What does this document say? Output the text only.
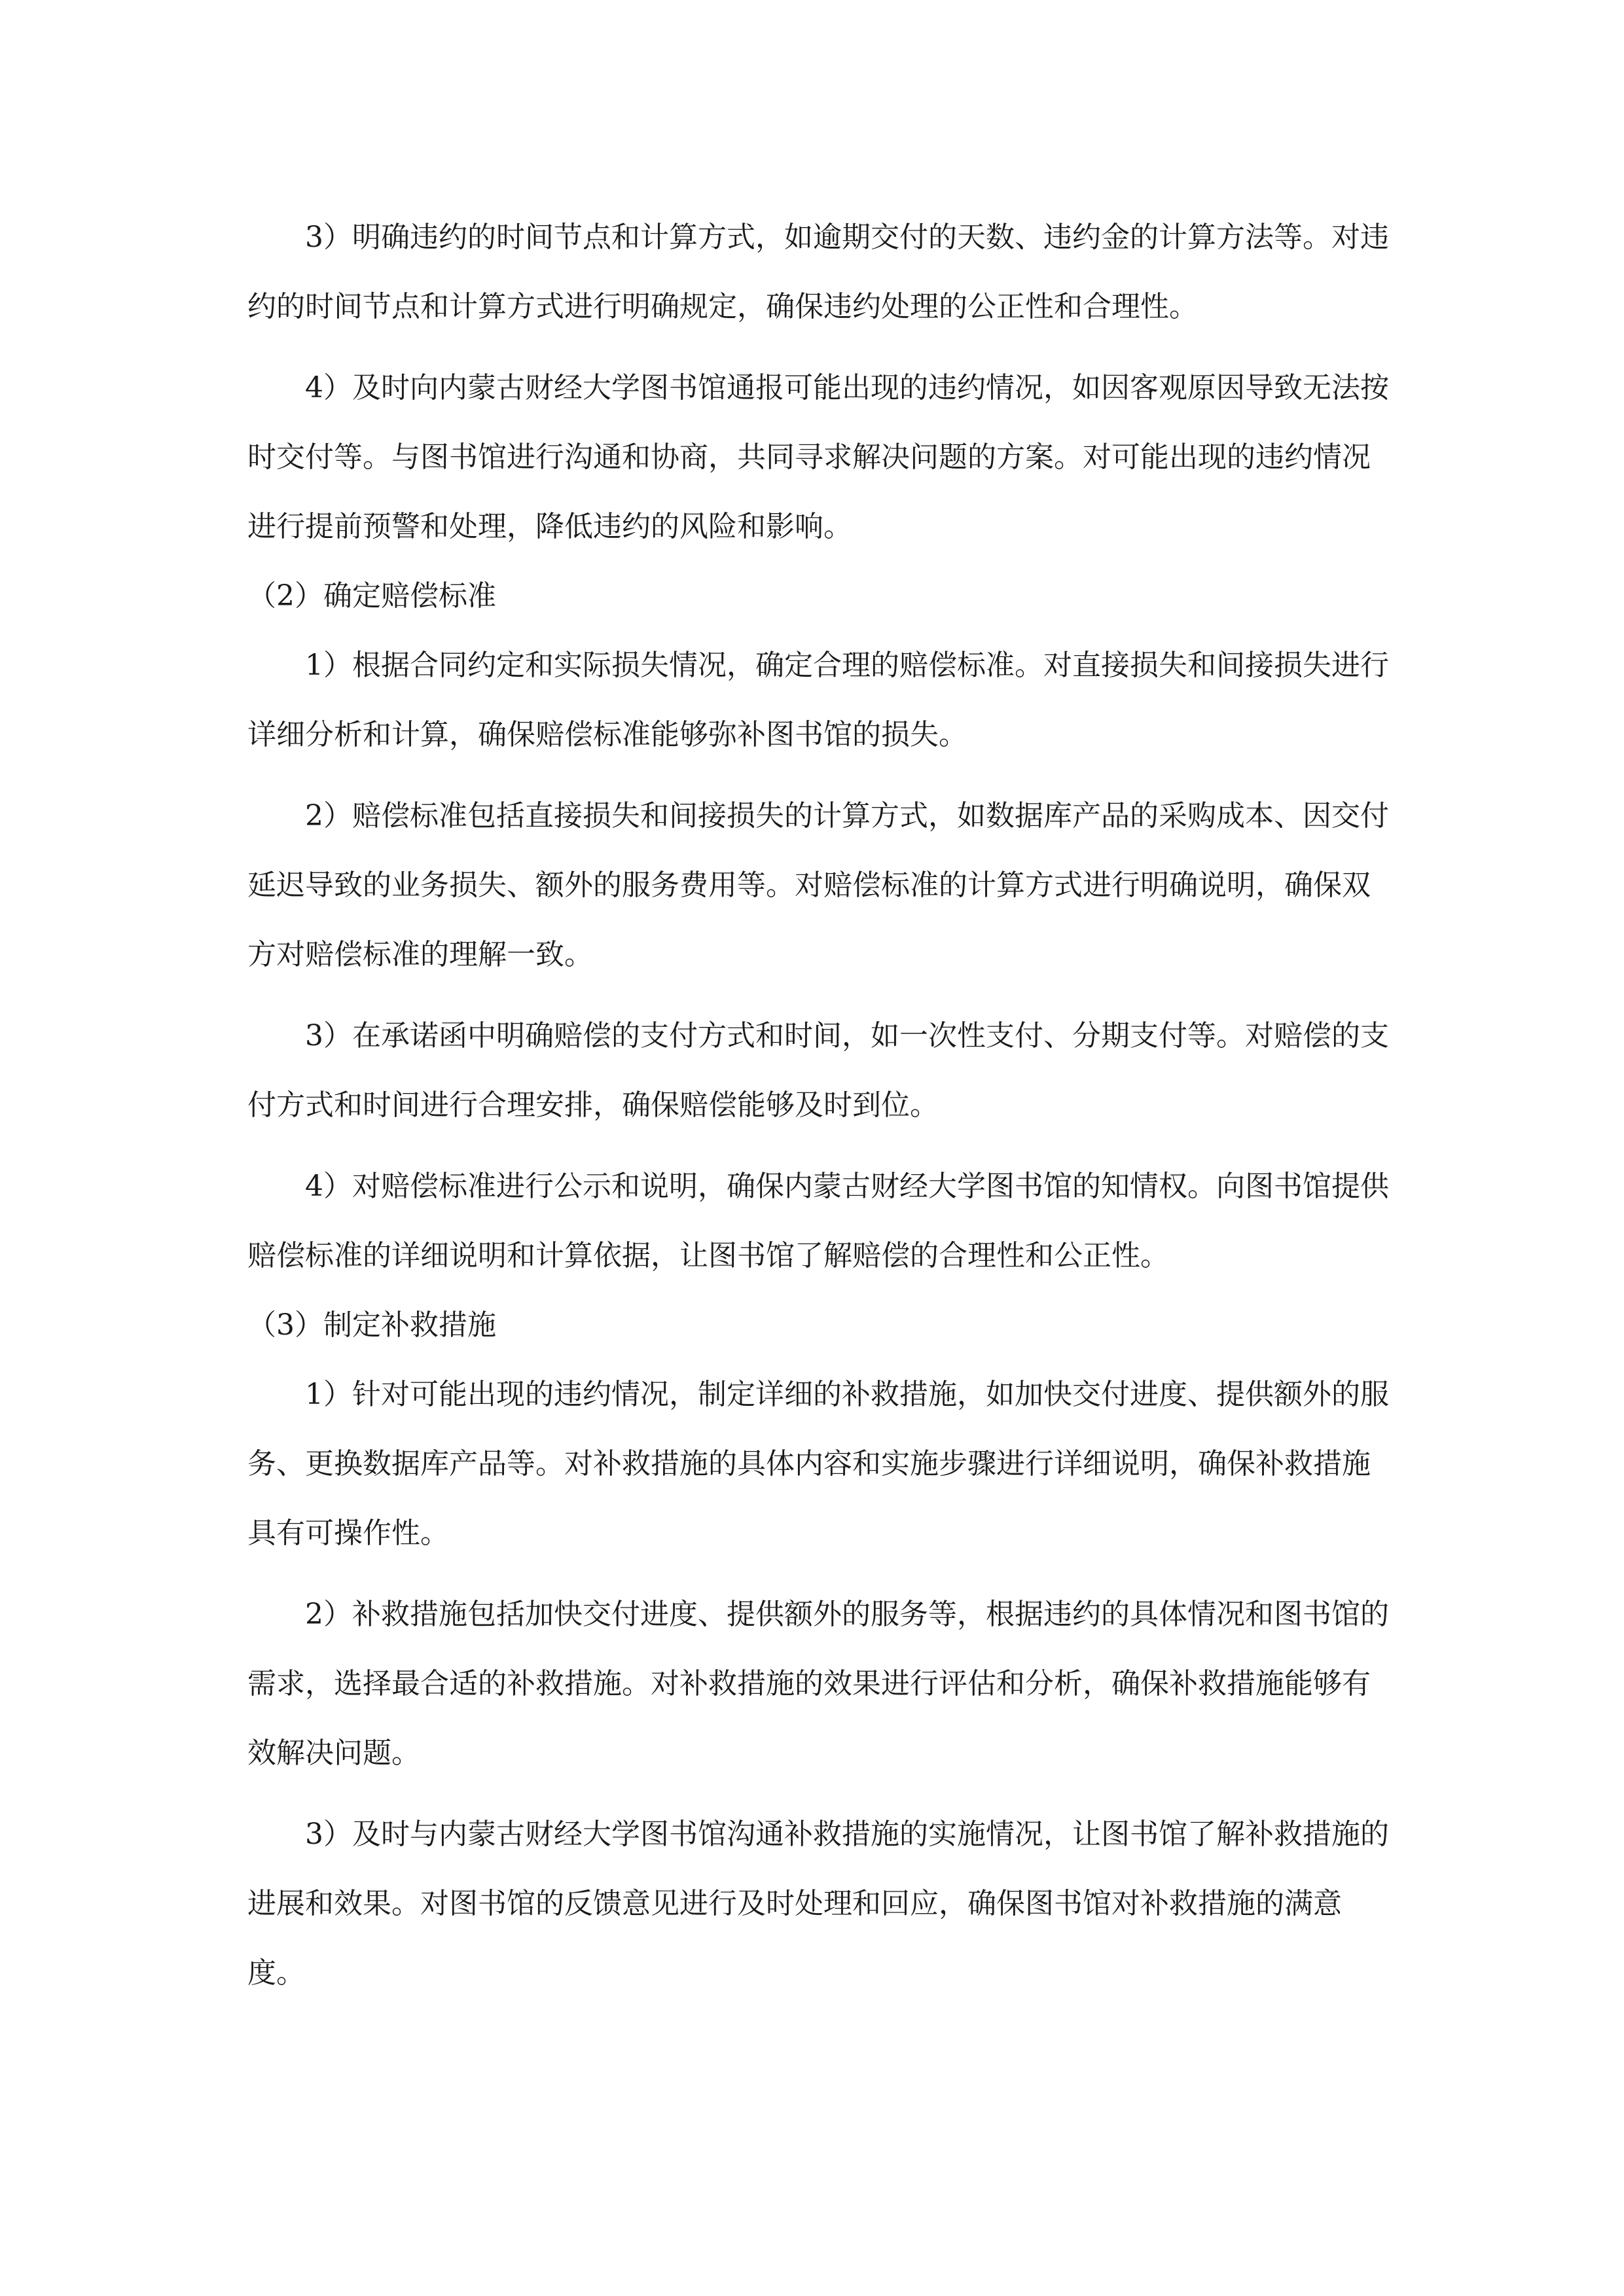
3）明确违约的时间节点和计算方式，如逾期交付的天数、违约金的计算方法等。对违约的时间节点和计算方式进行明确规定，确保违约处理的公正性和合理性。

4）及时向内蒙古财经大学图书馆通报可能出现的违约情况，如因客观原因导致无法按时交付等。与图书馆进行沟通和协商，共同寻求解决问题的方案。对可能出现的违约情况进行提前预警和处理，降低违约的风险和影响。

（2）确定赔偿标准

1）根据合同约定和实际损失情况，确定合理的赔偿标准。对直接损失和间接损失进行详细分析和计算，确保赔偿标准能够弥补图书馆的损失。

2）赔偿标准包括直接损失和间接损失的计算方式，如数据库产品的采购成本、因交付延迟导致的业务损失、额外的服务费用等。对赔偿标准的计算方式进行明确说明，确保双方对赔偿标准的理解一致。

3）在承诺函中明确赔偿的支付方式和时间，如一次性支付、分期支付等。对赔偿的支付方式和时间进行合理安排，确保赔偿能够及时到位。

4）对赔偿标准进行公示和说明，确保内蒙古财经大学图书馆的知情权。向图书馆提供赔偿标准的详细说明和计算依据，让图书馆了解赔偿的合理性和公正性。

（3）制定补救措施

1）针对可能出现的违约情况，制定详细的补救措施，如加快交付进度、提供额外的服务、更换数据库产品等。对补救措施的具体内容和实施步骤进行详细说明，确保补救措施具有可操作性。

2）补救措施包括加快交付进度、提供额外的服务等，根据违约的具体情况和图书馆的需求，选择最合适的补救措施。对补救措施的效果进行评估和分析，确保补救措施能够有效解决问题。

3）及时与内蒙古财经大学图书馆沟通补救措施的实施情况，让图书馆了解补救措施的进展和效果。对图书馆的反馈意见进行及时处理和回应，确保图书馆对补救措施的满意度。
